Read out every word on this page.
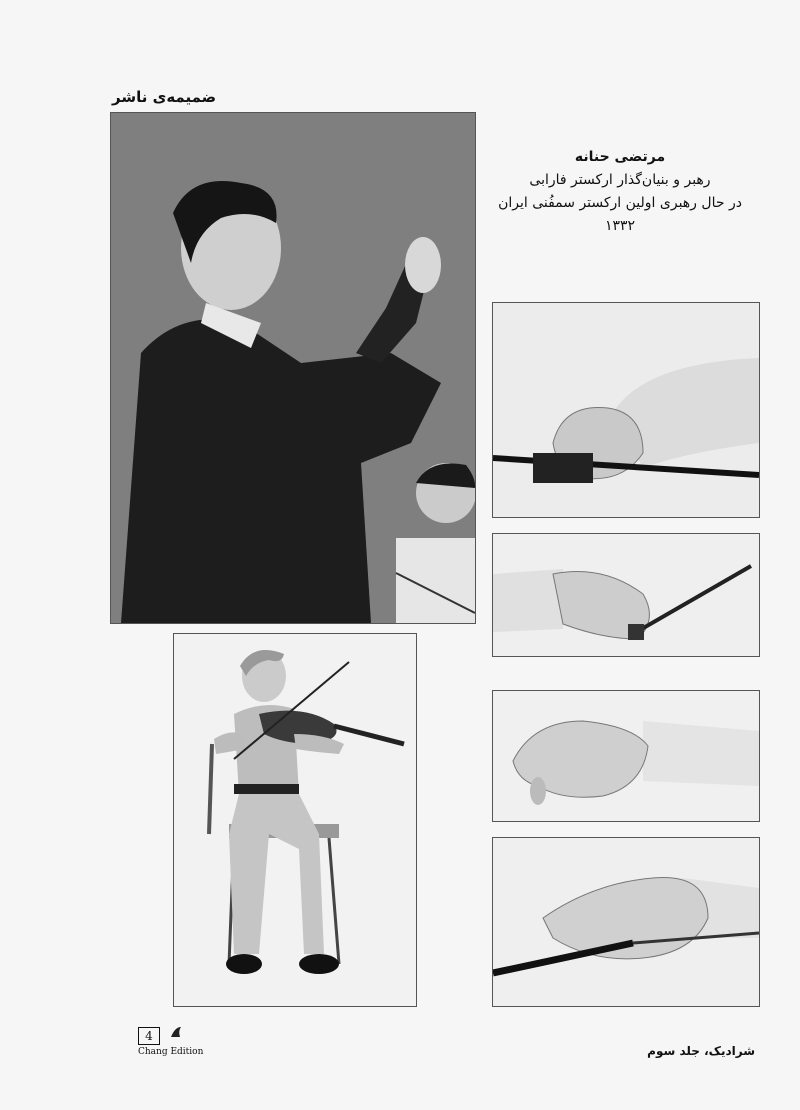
ضمیمه‌ی ناشر
مرتضی حنانه
رهبر و بنیان‌گذار ارکستر فارابی
در حال رهبری اولین ارکستر سمفُنی ایران
۱۳۳۲
4
Chang Edition	شرادیک، جلد سوم
